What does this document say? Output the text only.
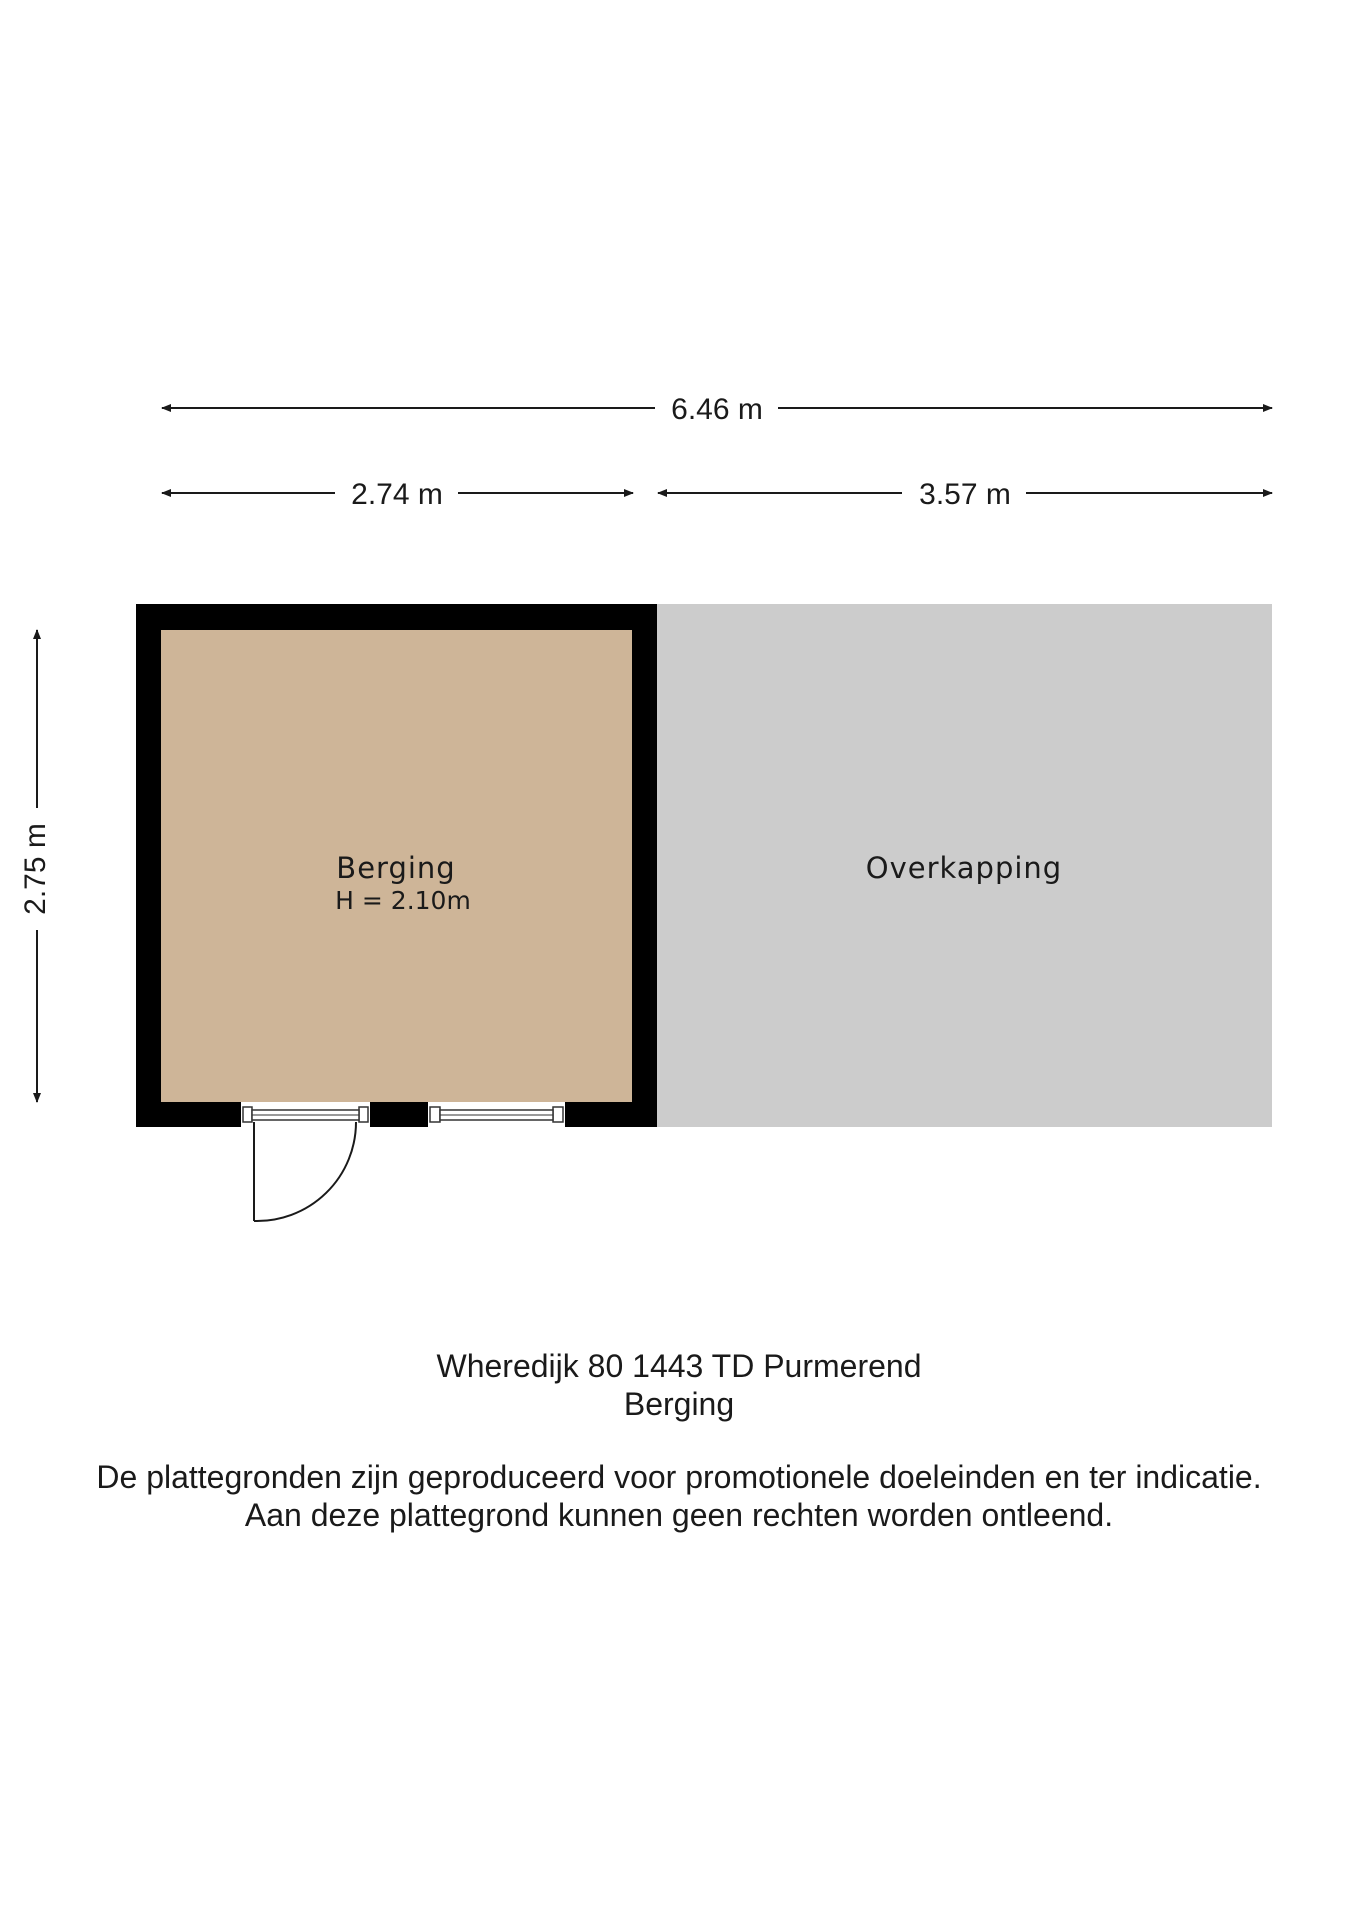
6.46 m
2.74 m	3.57 m
2.75 m	Berging
H = 2.10m
Overkapping
Wheredijk 80 1443 TD Purmerend
Berging
De plattegronden zijn geproduceerd voor promotionele doeleinden en ter indicatie.
Aan deze plattegrond kunnen geen rechten worden ontleend.
